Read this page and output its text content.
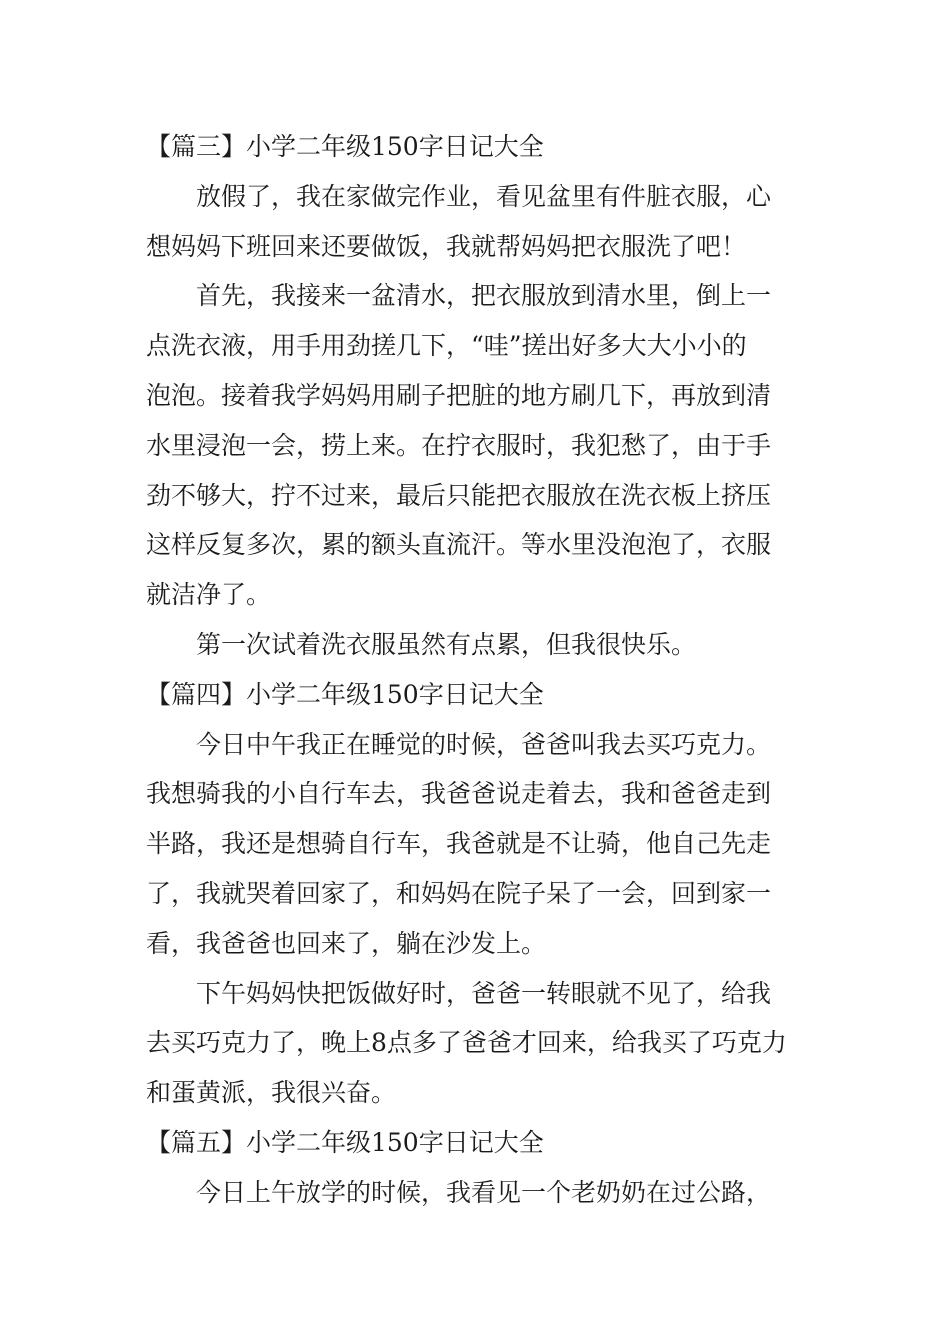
【篇三】小学二年级150字日记大全
放假了，我在家做完作业，看见盆里有件脏衣服，心
想妈妈下班回来还要做饭，我就帮妈妈把衣服洗了吧！
首先，我接来一盆清水，把衣服放到清水里，倒上一
点洗衣液，用手用劲搓几下，“哇”搓出好多大大小小的
泡泡。接着我学妈妈用刷子把脏的地方刷几下，再放到清
水里浸泡一会，捞上来。在拧衣服时，我犯愁了，由于手
劲不够大，拧不过来，最后只能把衣服放在洗衣板上挤压
这样反复多次，累的额头直流汗。等水里没泡泡了，衣服
就洁净了。
第一次试着洗衣服虽然有点累，但我很快乐。
【篇四】小学二年级150字日记大全
今日中午我正在睡觉的时候，爸爸叫我去买巧克力。
我想骑我的小自行车去，我爸爸说走着去，我和爸爸走到
半路，我还是想骑自行车，我爸就是不让骑，他自己先走
了，我就哭着回家了，和妈妈在院子呆了一会，回到家一
看，我爸爸也回来了，躺在沙发上。
下午妈妈快把饭做好时，爸爸一转眼就不见了，给我
去买巧克力了，晚上8点多了爸爸才回来，给我买了巧克力
和蛋黄派，我很兴奋。
【篇五】小学二年级150字日记大全
今日上午放学的时候，我看见一个老奶奶在过公路，
